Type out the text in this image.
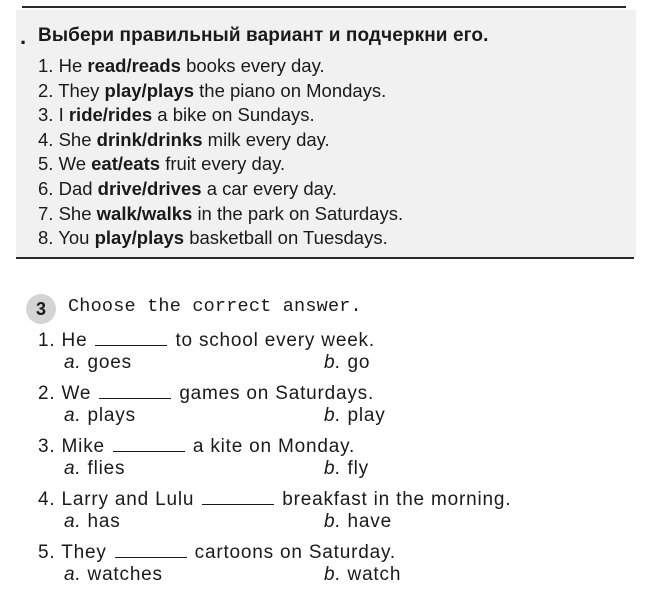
. Выбери правильный вариант и подчеркни его.
1. He read/reads books every day.
2. They play/plays the piano on Mondays.
3. I ride/rides a bike on Sundays.
4. She drink/drinks milk every day.
5. We eat/eats fruit every day.
6. Dad drive/drives a car every day.
7. She walk/walks in the park on Saturdays.
8. You play/plays basketball on Tuesdays.
3	Choose the correct answer.
1. He	to school every week.
a. goes	b. go
2. We	games on Saturdays.
a. plays	b. play
3. Mike	a kite on Monday.
a. flies	b. fly
4. Larry and Lulu	breakfast in the morning.
a. has	b. have
5. They	cartoons on Saturday.
a. watches	b. watch
